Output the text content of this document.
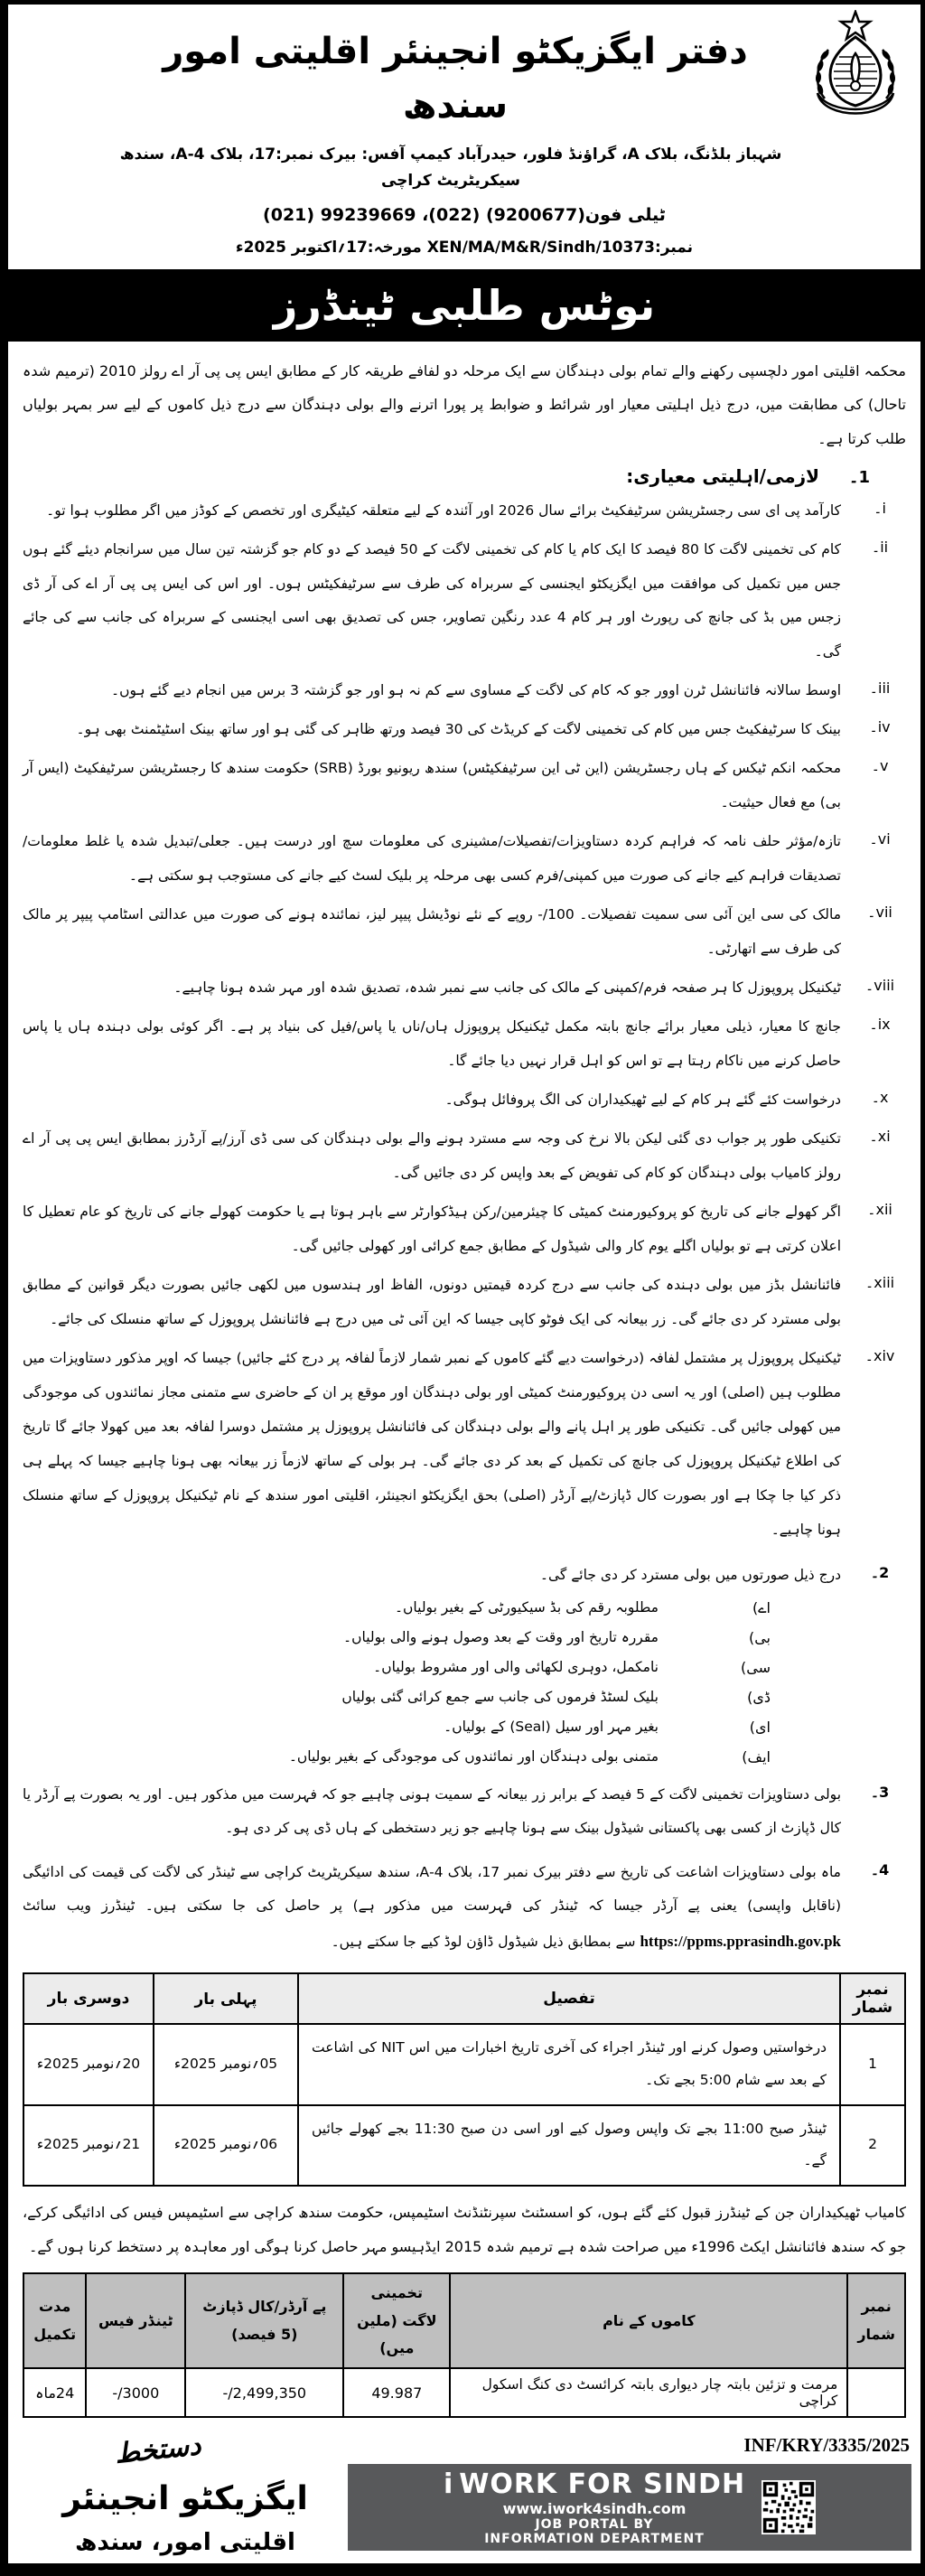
دفتر ایگزیکٹو انجینئر اقلیتی امور سندھ
شہباز بلڈنگ، بلاک A، گراؤنڈ فلور، حیدرآباد کیمپ آفس: بیرک نمبر:17، بلاک 4-A، سندھ سیکریٹریٹ کراچی
ٹیلی فون(9200677) (022)، 99239669 (021)
نمبر:XEN/MA/M&R/Sindh/10373 مورخہ:17؍اکتوبر 2025ء
نوٹس طلبی ٹینڈرز

محکمہ اقلیتی امور دلچسپی رکھنے والے تمام بولی دہندگان سے ایک مرحلہ دو لفافے طریقہ کار کے مطابق ایس پی پی آر اے رولز 2010 (ترمیم شدہ تاحال) کی مطابقت میں، درج ذیل اہلیتی معیار اور شرائط و ضوابط پر پورا اترنے والے بولی دہندگان سے درج ذیل کاموں کے لیے سر بمہر بولیاں طلب کرتا ہے۔

1۔
لازمی/اہلیتی معیاری:
i۔
کارآمد پی ای سی رجسٹریشن سرٹیفکیٹ برائے سال 2026 اور آئندہ کے لیے متعلقہ کیٹیگری اور تخصص کے کوڈز میں اگر مطلوب ہوا تو۔
ii۔
کام کی تخمینی لاگت کا 80 فیصد کا ایک کام یا کام کی تخمینی لاگت کے 50 فیصد کے دو کام جو گزشتہ تین سال میں سرانجام دیئے گئے ہوں جس میں تکمیل کی موافقت میں ایگزیکٹو ایجنسی کے سربراہ کی طرف سے سرٹیفکیٹس ہوں۔ اور اس کی ایس پی پی آر اے کی آر ڈی زجس میں بڈ کی جانچ کی رپورٹ اور ہر کام 4 عدد رنگین تصاویر، جس کی تصدیق بھی اسی ایجنسی کے سربراہ کی جانب سے کی جائے گی۔
iii۔
اوسط سالانہ فائنانشل ٹرن اوور جو کہ کام کی لاگت کے مساوی سے کم نہ ہو اور جو گزشتہ 3 برس میں انجام دیے گئے ہوں۔
iv۔
بینک کا سرٹیفکیٹ جس میں کام کی تخمینی لاگت کے کریڈٹ کی 30 فیصد ورتھ ظاہر کی گئی ہو اور ساتھ بینک اسٹیٹمنٹ بھی ہو۔
v۔
محکمہ انکم ٹیکس کے ہاں رجسٹریشن (این ٹی این سرٹیفکیٹس) سندھ ریونیو بورڈ (SRB) حکومت سندھ کا رجسٹریشن سرٹیفکیٹ (ایس آر بی) مع فعال حیثیت۔
vi۔
تازہ/مؤثر حلف نامہ کہ فراہم کردہ دستاویزات/تفصیلات/مشینری کی معلومات سچ اور درست ہیں۔ جعلی/تبدیل شدہ یا غلط معلومات/تصدیقات فراہم کیے جانے کی صورت میں کمپنی/فرم کسی بھی مرحلہ پر بلیک لسٹ کیے جانے کی مستوجب ہو سکتی ہے۔
vii۔
مالک کی سی این آئی سی سمیت تفصیلات۔ 100/- روپے کے نئے نوڈیشل پیپر لیز، نمائندہ ہونے کی صورت میں عدالتی اسٹامپ پیپر پر مالک کی طرف سے اتھارٹی۔
viii۔
ٹیکنیکل پروپوزل کا ہر صفحہ فرم/کمپنی کے مالک کی جانب سے نمبر شدہ، تصدیق شدہ اور مہر شدہ ہونا چاہیے۔
ix۔
جانچ کا معیار، ذیلی معیار برائے جانچ بابتہ مکمل ٹیکنیکل پروپوزل ہاں/ناں یا پاس/فیل کی بنیاد پر ہے۔ اگر کوئی بولی دہندہ ہاں یا پاس حاصل کرنے میں ناکام رہتا ہے تو اس کو اہل قرار نہیں دیا جائے گا۔
x۔
درخواست کئے گئے ہر کام کے لیے ٹھیکیداران کی الگ پروفائل ہوگی۔
xi۔
تکنیکی طور پر جواب دی گئی لیکن بالا نرخ کی وجہ سے مسترد ہونے والے بولی دہندگان کی سی ڈی آرز/پے آرڈرز بمطابق ایس پی پی آر اے رولز کامیاب بولی دہندگان کو کام کی تفویض کے بعد واپس کر دی جائیں گی۔
xii۔
اگر کھولے جانے کی تاریخ کو پروکیورمنٹ کمیٹی کا چیئرمین/رکن ہیڈکوارٹر سے باہر ہوتا ہے یا حکومت کھولے جانے کی تاریخ کو عام تعطیل کا اعلان کرتی ہے تو بولیاں اگلے یوم کار والی شیڈول کے مطابق جمع کرائی اور کھولی جائیں گی۔
xiii۔
فائنانشل بڈز میں بولی دہندہ کی جانب سے درج کردہ قیمتیں دونوں، الفاظ اور ہندسوں میں لکھی جائیں بصورت دیگر قوانین کے مطابق بولی مسترد کر دی جائے گی۔ زر بیعانہ کی ایک فوٹو کاپی جیسا کہ این آئی ٹی میں درج ہے فائنانشل پروپوزل کے ساتھ منسلک کی جائے۔
xiv۔
ٹیکنیکل پروپوزل پر مشتمل لفافہ (درخواست دیے گئے کاموں کے نمبر شمار لازماً لفافہ پر درج کئے جائیں) جیسا کہ اوپر مذکور دستاویزات میں مطلوب ہیں (اصلی) اور یہ اسی دن پروکیورمنٹ کمیٹی اور بولی دہندگان اور موقع پر ان کے حاضری سے متمنی مجاز نمائندوں کی موجودگی میں کھولی جائیں گی۔ تکنیکی طور پر اہل پانے والے بولی دہندگان کی فائنانشل پروپوزل پر مشتمل دوسرا لفافہ بعد میں کھولا جائے گا تاریخ کی اطلاع ٹیکنیکل پروپوزل کی جانچ کی تکمیل کے بعد کر دی جائے گی۔ ہر بولی کے ساتھ لازماً زر بیعانہ بھی ہونا چاہیے جیسا کہ پہلے ہی ذکر کیا جا چکا ہے اور بصورت کال ڈپازٹ/پے آرڈر (اصلی) بحق ایگزیکٹو انجینئر، اقلیتی امور سندھ کے نام ٹیکنیکل پروپوزل کے ساتھ منسلک ہونا چاہیے۔
2۔
درج ذیل صورتوں میں بولی مسترد کر دی جائے گی۔
اے)
مطلوبہ رقم کی بڈ سیکیورٹی کے بغیر بولیاں۔
بی)
مقررہ تاریخ اور وقت کے بعد وصول ہونے والی بولیاں۔
سی)
نامکمل، دوہری لکھائی والی اور مشروط بولیاں۔
ڈی)
بلیک لسٹڈ فرموں کی جانب سے جمع کرائی گئی بولیاں
ای)
بغیر مہر اور سیل (Seal) کے بولیاں۔
ایف)
متمنی بولی دہندگان اور نمائندوں کی موجودگی کے بغیر بولیاں۔
3۔
بولی دستاویزات تخمینی لاگت کے 5 فیصد کے برابر زر بیعانہ کے سمیت ہونی چاہیے جو کہ فہرست میں مذکور ہیں۔ اور یہ بصورت پے آرڈر یا کال ڈپازٹ از کسی بھی پاکستانی شیڈول بینک سے ہونا چاہیے جو زیر دستخطی کے ہاں ڈی پی کر دی ہو۔
4۔
ماہ بولی دستاویزات اشاعت کی تاریخ سے دفتر بیرک نمبر 17، بلاک 4-A، سندھ سیکریٹریٹ کراچی سے ٹینڈر کی لاگت کی قیمت کی ادائیگی (ناقابل واپسی) یعنی پے آرڈر جیسا کہ ٹینڈر کی فہرست میں مذکور ہے) پر حاصل کی جا سکتی ہیں۔ ٹینڈرز ویب سائٹ https://ppms.pprasindh.gov.pk سے بمطابق ذیل شیڈول ڈاؤن لوڈ کیے جا سکتے ہیں۔
نمبر شمار	تفصیل	پہلی بار	دوسری بار
1	درخواستیں وصول کرنے اور ٹینڈر اجراء کی آخری تاریخ اخبارات میں اس NIT کی اشاعت کے بعد سے شام 5:00 بجے تک۔	05؍نومبر 2025ء	20؍نومبر 2025ء
2	ٹینڈر صبح 11:00 بجے تک واپس وصول کیے اور اسی دن صبح 11:30 بجے کھولے جائیں گے۔	06؍نومبر 2025ء	21؍نومبر 2025ء

کامیاب ٹھیکیداران جن کے ٹینڈرز قبول کئے گئے ہوں، کو اسسٹنٹ سپرنٹنڈنٹ اسٹیمپس، حکومت سندھ کراچی سے اسٹیمپس فیس کی ادائیگی کرکے، جو کہ سندھ فائنانشل ایکٹ 1996ء میں صراحت شدہ ہے ترمیم شدہ 2015 ایڈہیسو مہر حاصل کرنا ہوگی اور معاہدہ پر دستخط کرنا ہوں گے۔

نمبر شمار	کاموں کے نام	تخمینی لاگت (ملین میں)	پے آرڈر/کال ڈپازٹ (5 فیصد)	ٹینڈر فیس	مدت تکمیل
	مرمت و تزئین بابتہ چار دیواری بابتہ کرائسٹ دی کنگ اسکول کراچی	49.987	2,499,350/-	3000/-	24ماہ
دستخط
ایگزیکٹو انجینئر
اقلیتی امور، سندھ
INF/KRY/3335/2025
i WORK FOR SINDH
www.iwork4sindh.com
JOB PORTAL BY
INFORMATION DEPARTMENT
